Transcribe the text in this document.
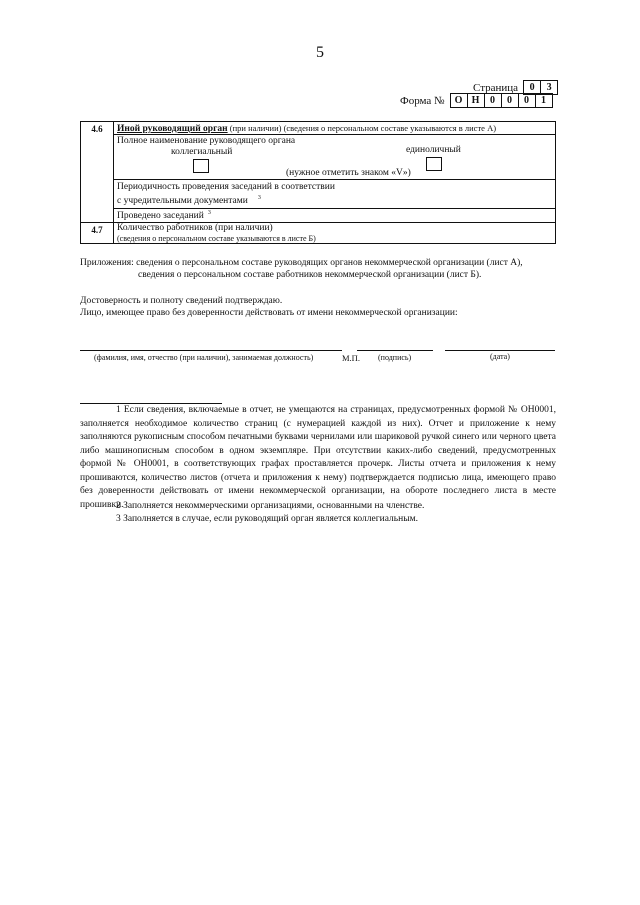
5
Страница	0	3
Форма №	О Н	0	0	0	1
4.6	Иной руководящий орган (при наличии) (сведения о персональном составе указываются в листе А)
Полное наименование руководящего органа
коллегиальный	единоличный
(нужное отметить знаком «V»)
Периодичность проведения заседаний в соответствии
с учредительными документами $^3$
Проведено заседаний $^3$
4.7	Количество работников (при наличии)
(сведения о персональном составе указываются в листе Б)
Приложения: сведения о персональном составе руководящих органов некоммерческой организации (лист А),
сведения о персональном составе работников некоммерческой организации (лист Б).
Достоверность и полноту сведений подтверждаю.
Лицо, имеющее право без доверенности действовать от имени некоммерческой организации:
(фамилия, имя, отчество (при наличии), занимаемая должность)	М.П. (подпись)	(дата)
1 Если сведения, включаемые в отчет, не умещаются на страницах, предусмотренных формой № ОН0001, заполняется необходимое количество страниц (с нумерацией каждой из них). Отчет и приложение к нему заполняются рукописным способом печатными буквами чернилами или шариковой ручкой синего или черного цвета либо машинописным способом в одном экземпляре. При отсутствии каких-либо сведений, предусмотренных формой № ОН0001, в соответствующих графах проставляется прочерк. Листы отчета и приложения к нему прошиваются, количество листов (отчета и приложения к нему) подтверждается подписью лица, имеющего право без доверенности действовать от имени некоммерческой организации, на обороте последнего листа в месте прошивки.
2 Заполняется некоммерческими организациями, основанными на членстве.
3 Заполняется в случае, если руководящий орган является коллегиальным.
